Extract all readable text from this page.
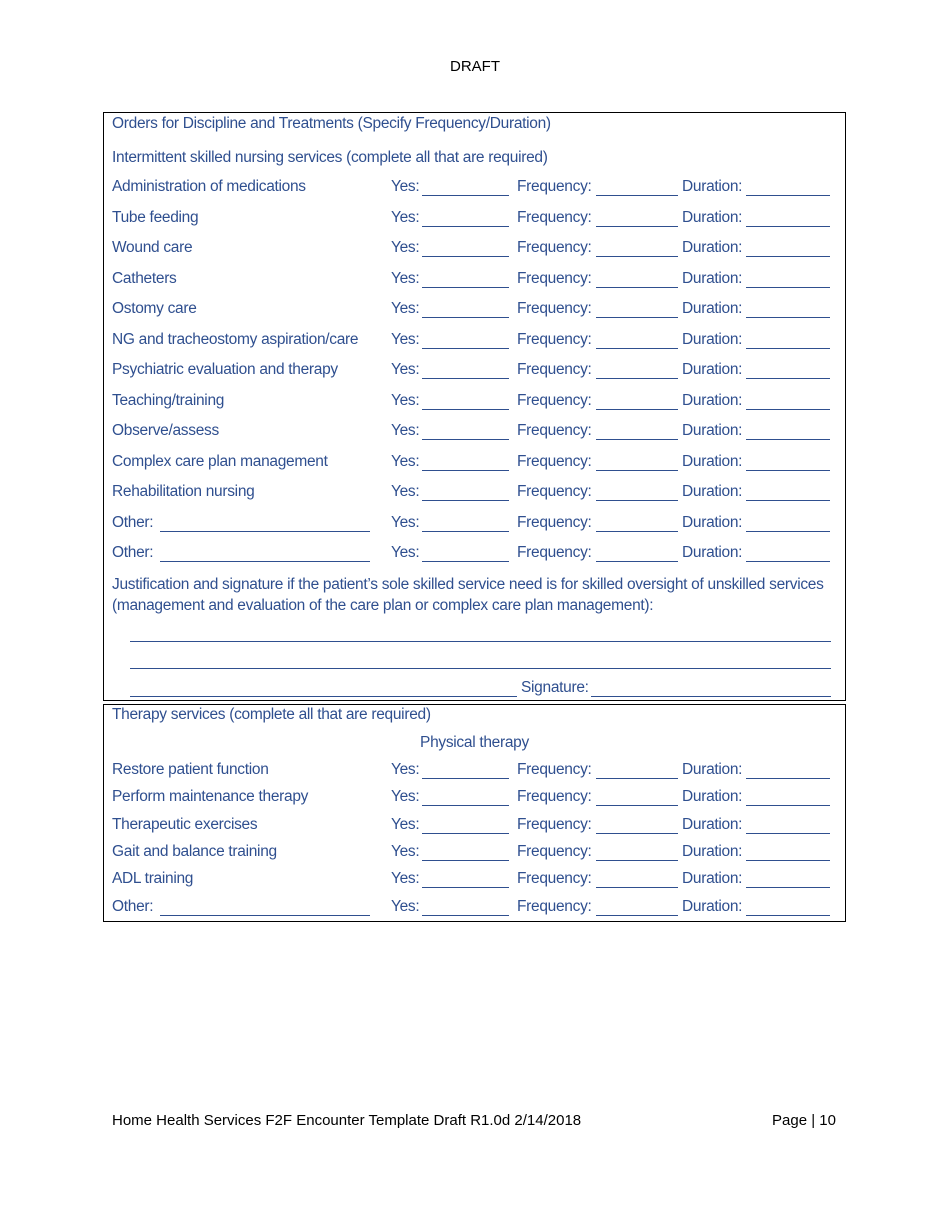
DRAFT
Orders for Discipline and Treatments (Specify Frequency/Duration)
Intermittent skilled nursing services (complete all that are required)
Administration of medications	Yes:	Frequency:	Duration:
Tube feeding	Yes:	Frequency:	Duration:
Wound care	Yes:	Frequency:	Duration:
Catheters	Yes:	Frequency:	Duration:
Ostomy care	Yes:	Frequency:	Duration:
NG and tracheostomy aspiration/care Yes:	Frequency:	Duration:
Psychiatric evaluation and therapy	Yes:	Frequency:	Duration:
Teaching/training	Yes:	Frequency:	Duration:
Observe/assess	Yes:	Frequency:	Duration:
Complex care plan management	Yes:	Frequency:	Duration:
Rehabilitation nursing	Yes:	Frequency:	Duration:
Other:	Yes:	Frequency:	Duration:
Other:	Yes:	Frequency:	Duration:
Justification and signature if the patient’s sole skilled service need is for skilled oversight of unskilled services (management and evaluation of the care plan or complex care plan management):
Signature:
Therapy services (complete all that are required)
Physical therapy
Restore patient function	Yes:	Frequency:	Duration:
Perform maintenance therapy	Yes:	Frequency:	Duration:
Therapeutic exercises	Yes:	Frequency:	Duration:
Gait and balance training	Yes:	Frequency:	Duration:
ADL training	Yes:	Frequency:	Duration:
Other:	Yes:	Frequency:	Duration:
Home Health Services F2F Encounter Template Draft R1.0d 2/14/2018	Page | 10
